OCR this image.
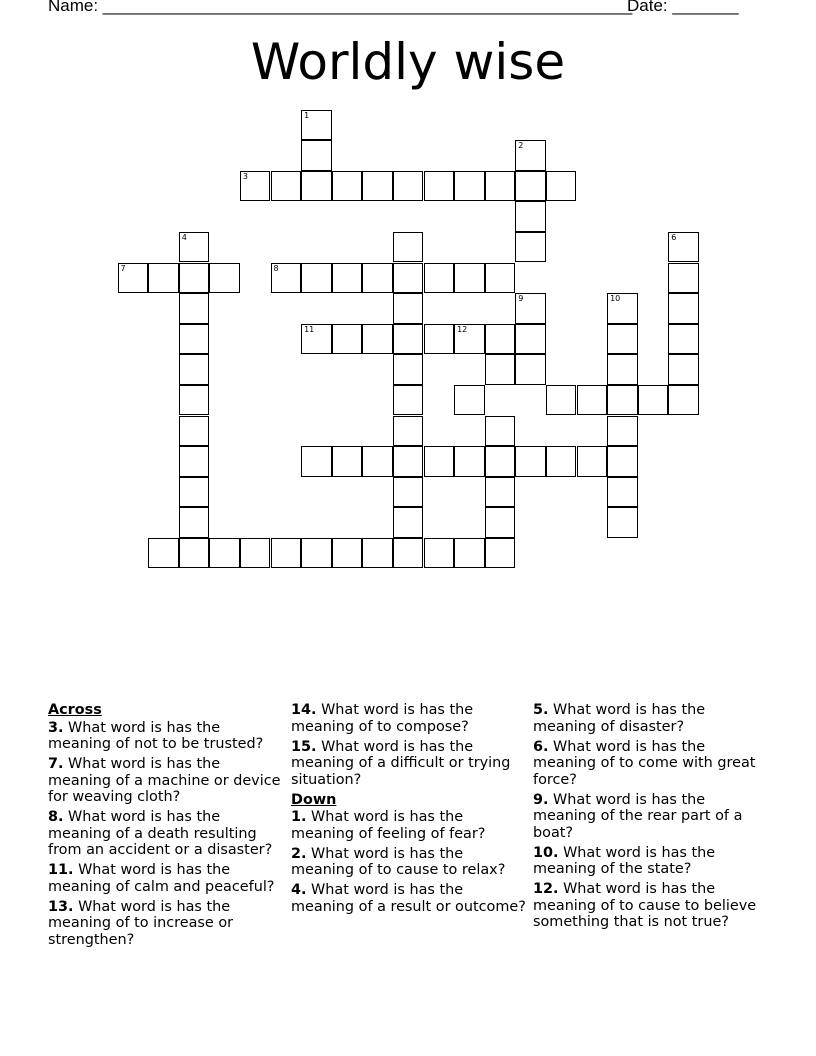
Name: ________________________________________________________
Date: _______
Worldly wise
1
2
3
4
7
6
8
9	10
11	12
Across
3. What word is has the meaning of not to be trusted?
7. What word is has the meaning of a machine or device for weaving cloth?
8. What word is has the meaning of a death resulting from an accident or a disaster?
11. What word is has the meaning of calm and peaceful?
13. What word is has the meaning of to increase or strengthen?
14. What word is has the meaning of to compose?
15. What word is has the meaning of a difficult or trying situation?
Down
1. What word is has the meaning of feeling of fear?
2. What word is has the meaning of to cause to relax?
4. What word is has the meaning of a result or outcome?
5. What word is has the meaning of disaster?
6. What word is has the meaning of to come with great force?
9. What word is has the meaning of the rear part of a boat?
10. What word is has the meaning of the state?
12. What word is has the meaning of to cause to believe something that is not true?
